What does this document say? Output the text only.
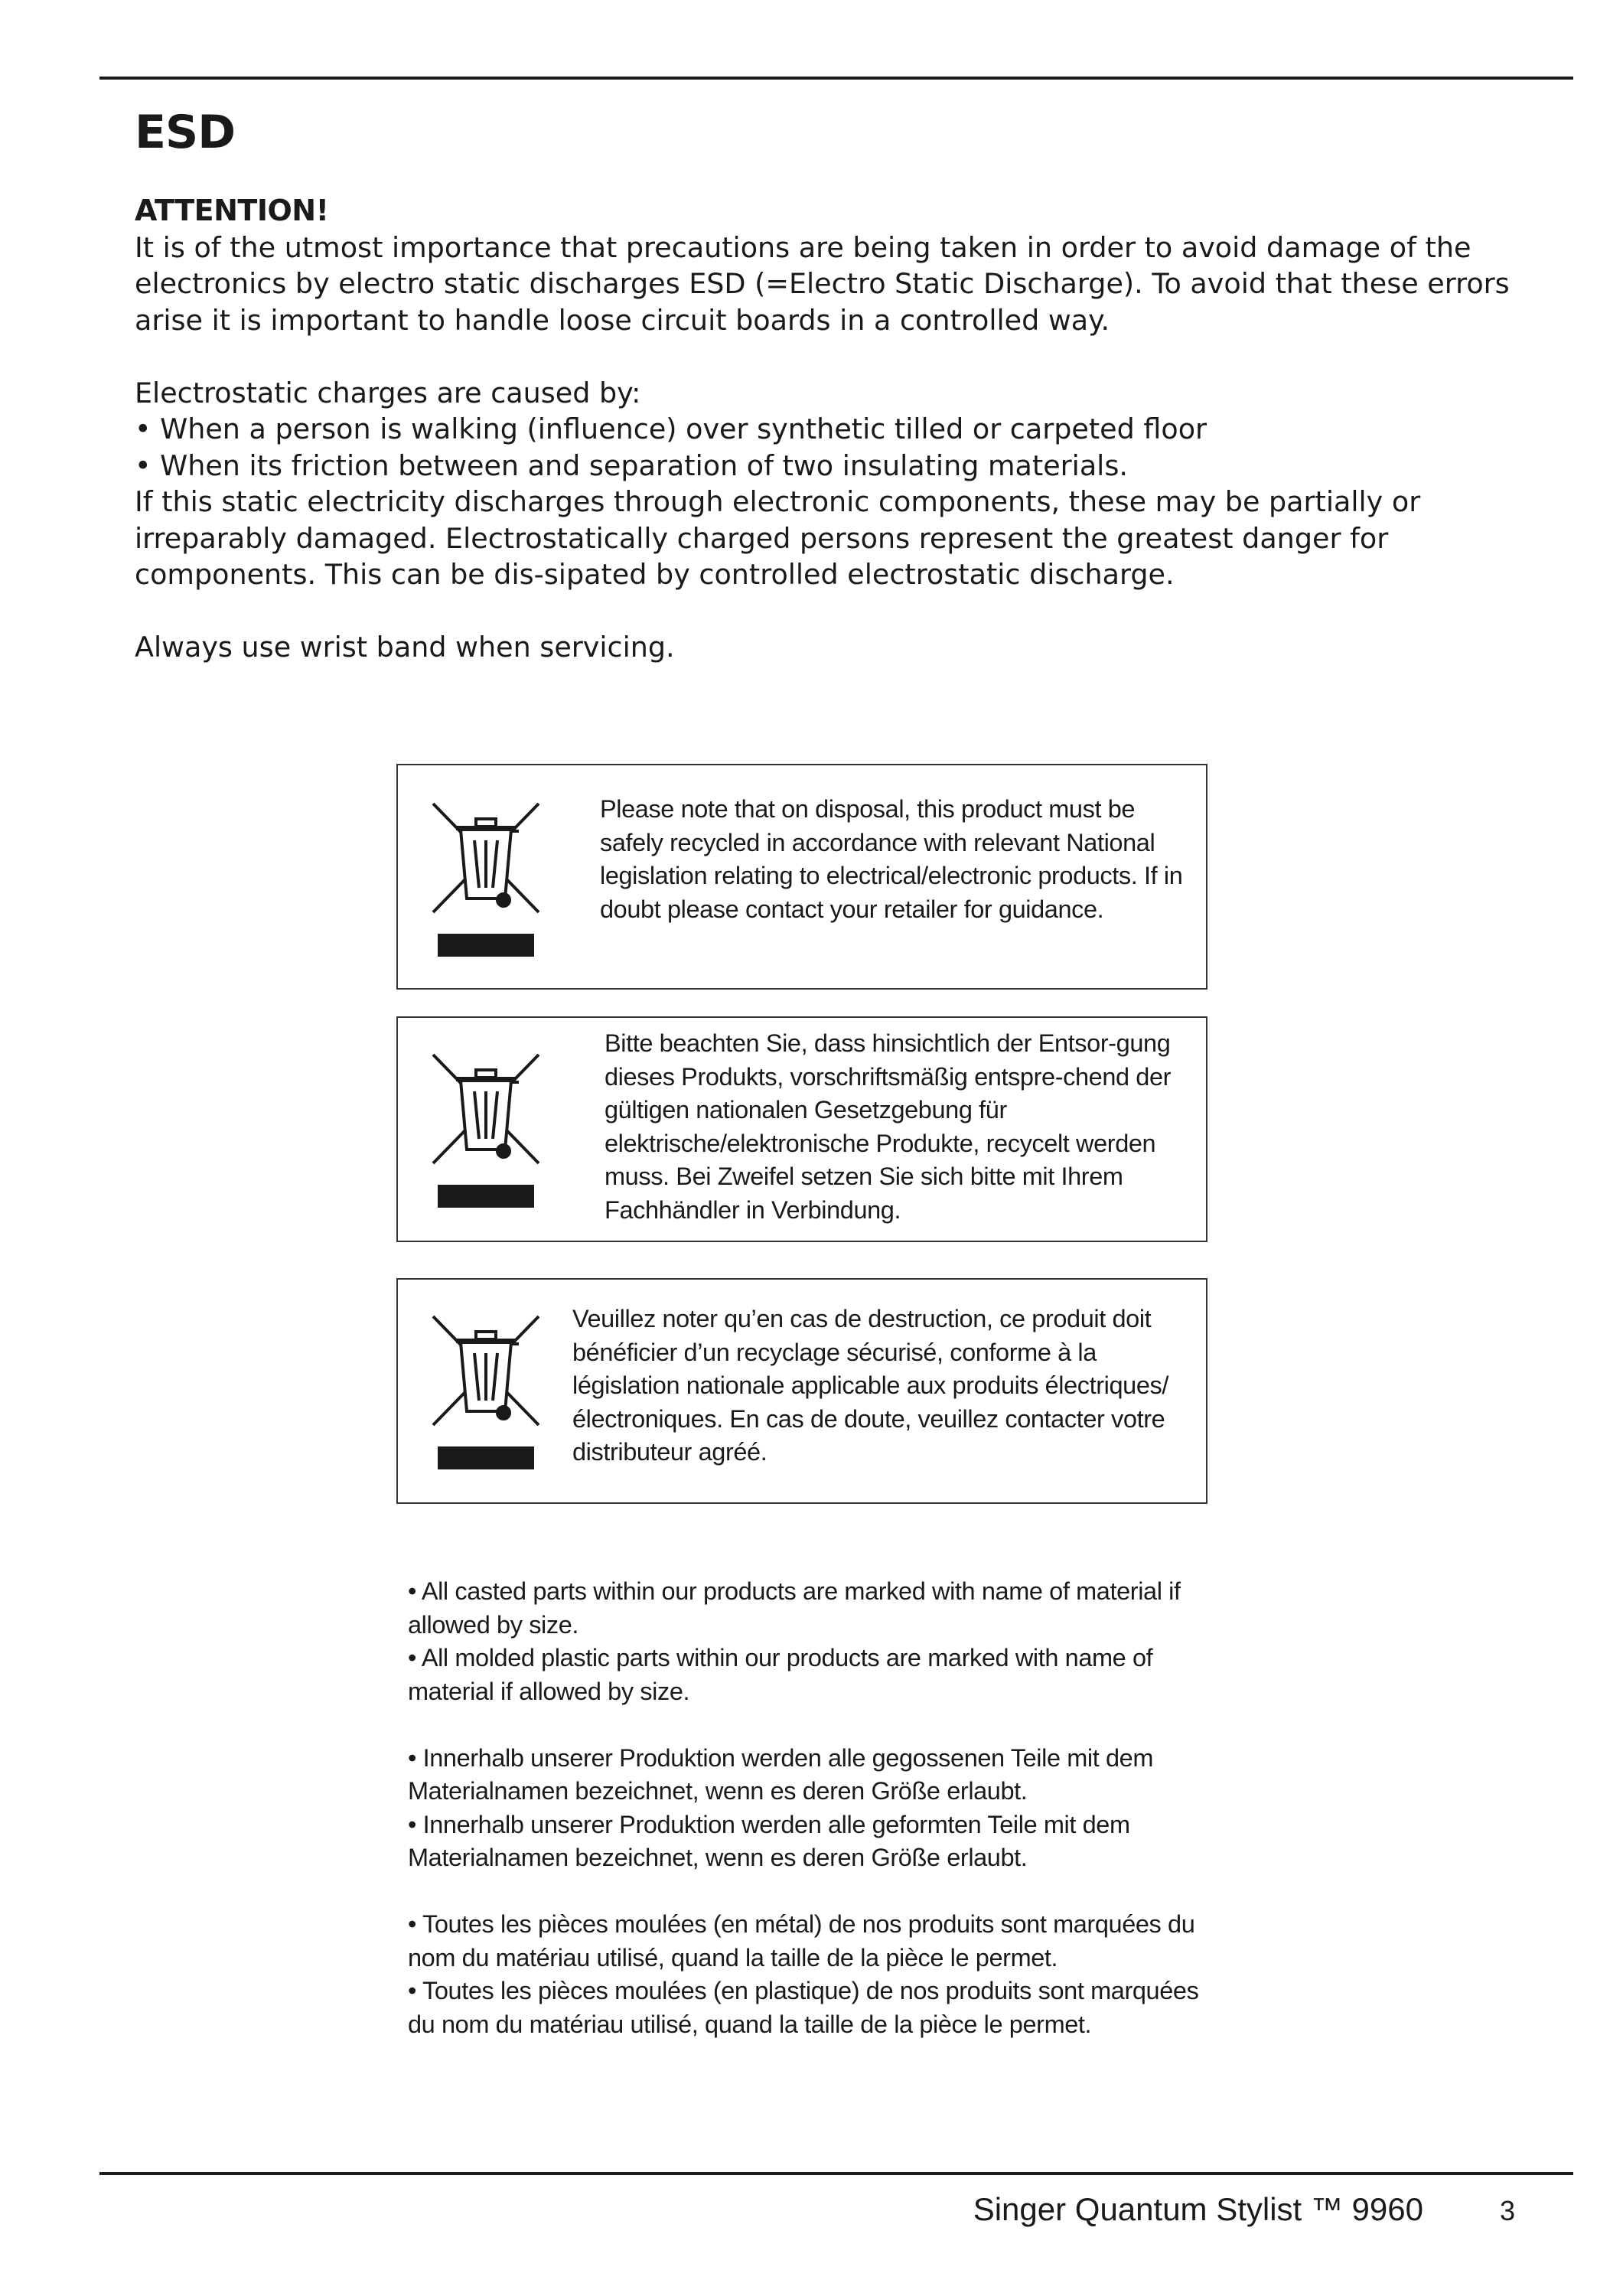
ESD

ATTENTION!

It is of the utmost importance that precautions are being taken in order to avoid damage of the electronics by electro static discharges ESD (=Electro Static Discharge). To avoid that these errors arise it is important to handle loose circuit boards in a controlled way.

Electrostatic charges are caused by:

• When a person is walking (influence) over synthetic tilled or carpeted floor

• When its friction between and separation of two insulating materials.

If this static electricity discharges through electronic components, these may be partially or irreparably damaged. Electrostatically charged persons represent the greatest danger for components. This can be dis-sipated by controlled electrostatic discharge.

Always use wrist band when servicing.

Please note that on disposal, this product must be safely recycled in accordance with relevant National legislation relating to electrical/electronic products. If in doubt please contact your retailer for guidance.

Bitte beachten Sie, dass hinsichtlich der Entsor-gung dieses Produkts, vorschriftsmäßig entspre-chend der gültigen nationalen Gesetzgebung für elektrische/elektronische Produkte, recycelt werden muss. Bei Zweifel setzen Sie sich bitte mit Ihrem Fachhändler in Verbindung.

Veuillez noter qu’en cas de destruction, ce produit doit bénéficier d’un recyclage sécurisé, conforme à la législation nationale applicable aux produits électriques/électroniques. En cas de doute, veuillez contacter votre distributeur agréé.

• All casted parts within our products are marked with name of material if allowed by size.

• All molded plastic parts within our products are marked with name of material if allowed by size.

• Innerhalb unserer Produktion werden alle gegossenen Teile mit dem Materialnamen bezeichnet, wenn es deren Größe erlaubt.

• Innerhalb unserer Produktion werden alle geformten Teile mit dem Materialnamen bezeichnet, wenn es deren Größe erlaubt.

• Toutes les pièces moulées (en métal) de nos produits sont marquées du nom du matériau utilisé, quand la taille de la pièce le permet.

• Toutes les pièces moulées (en plastique) de nos produits sont marquées du nom du matériau utilisé, quand la taille de la pièce le permet.

Singer Quantum Stylist ™ 9960	3
